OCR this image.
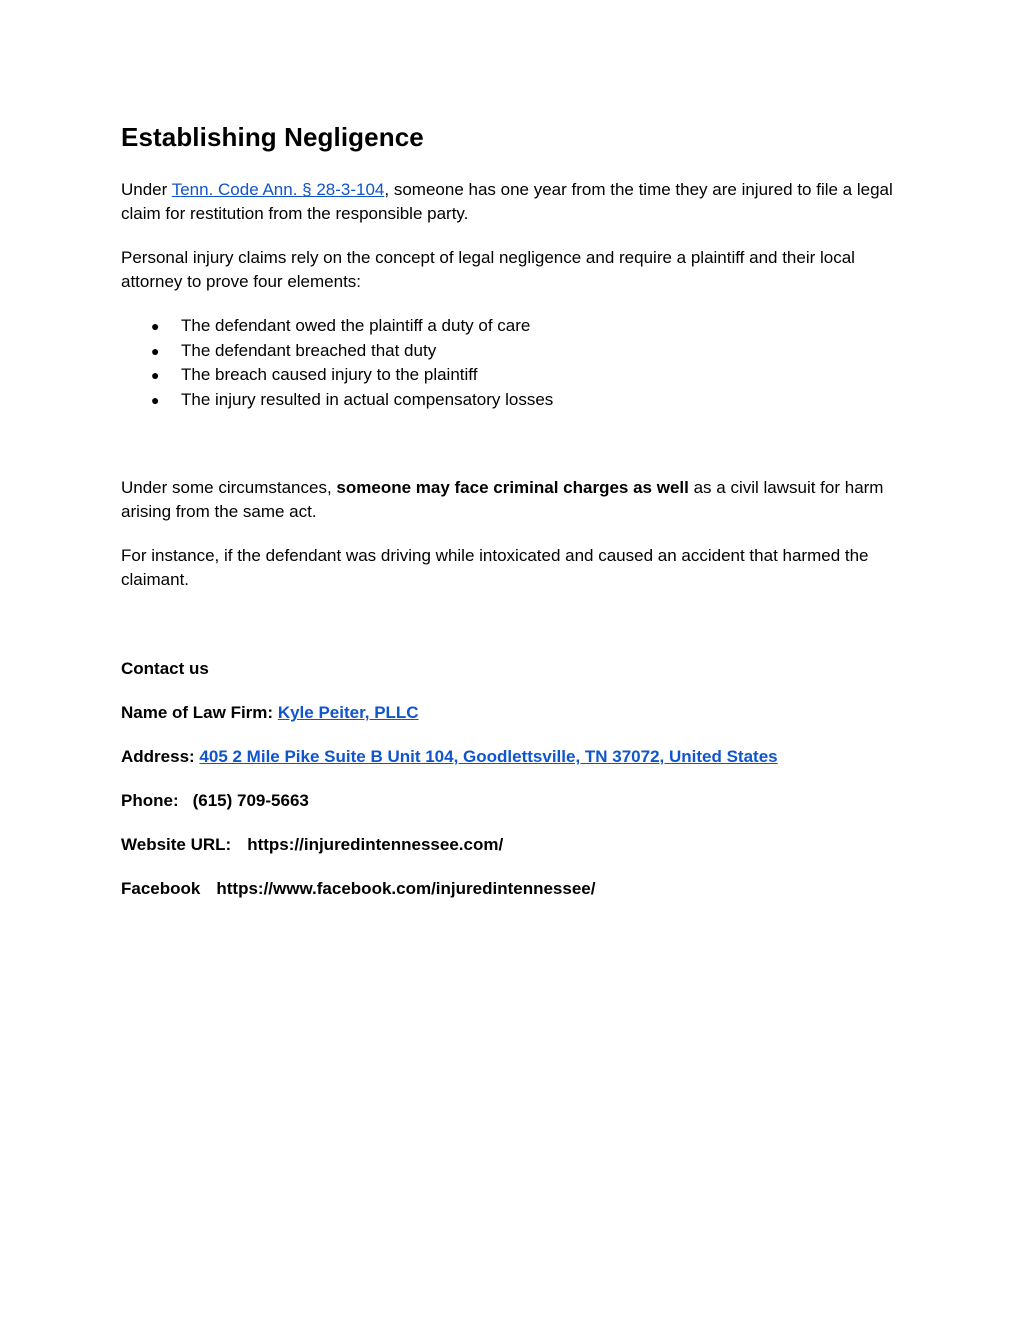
Establishing Negligence

Under Tenn. Code Ann. § 28-3-104, someone has one year from the time they are injured to file a legal claim for restitution from the responsible party.

Personal injury claims rely on the concept of legal negligence and require a plaintiff and their local attorney to prove four elements:

● The defendant owed the plaintiff a duty of care
● The defendant breached that duty
● The breach caused injury to the plaintiff
● The injury resulted in actual compensatory losses

Under some circumstances, someone may face criminal charges as well as a civil lawsuit for harm arising from the same act.

For instance, if the defendant was driving while intoxicated and caused an accident that harmed the claimant.

Contact us

Name of Law Firm: Kyle Peiter, PLLC

Address: 405 2 Mile Pike Suite B Unit 104, Goodlettsville, TN 37072, United States

Phone: (615) 709-5663

Website URL: https://injuredintennessee.com/

Facebook https://www.facebook.com/injuredintennessee/
